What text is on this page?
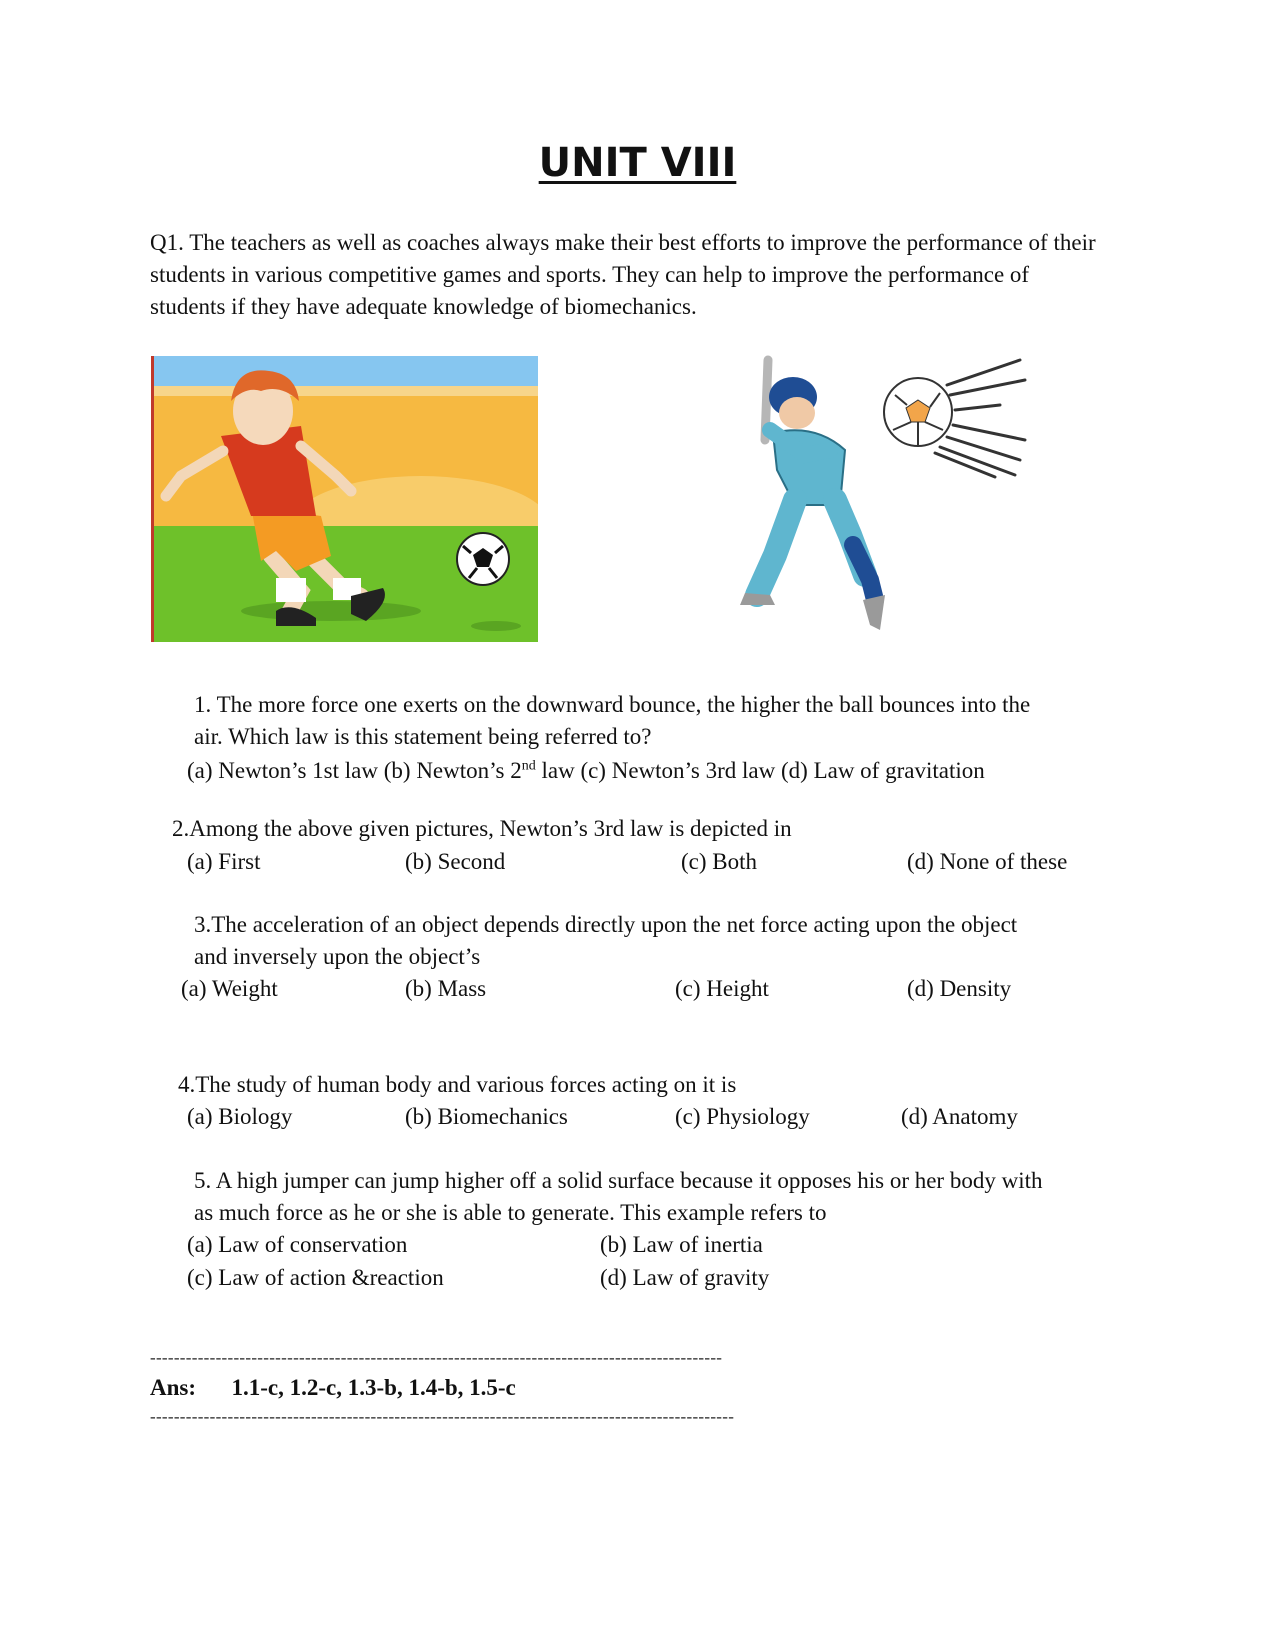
UNIT VIII
Q1. The teachers as well as coaches always make their best efforts to improve the performance of their students in various competitive games and sports. They can help to improve the performance of students if they have adequate knowledge of biomechanics.
1. The more force one exerts on the downward bounce, the higher the ball bounces into the
air. Which law is this statement being referred to?
(a) Newton’s 1st law (b) Newton’s 2nd law (c) Newton’s 3rd law (d) Law of gravitation
2.Among the above given pictures, Newton’s 3rd law is depicted in
(a) First	(b) Second	(c) Both	(d) None of these
3.The acceleration of an object depends directly upon the net force acting upon the object
and inversely upon the object’s
(a) Weight	(b) Mass	(c) Height	(d) Density
4.The study of human body and various forces acting on it is
(a) Biology	(b) Biomechanics	(c) Physiology	(d) Anatomy
5. A high jumper can jump higher off a solid surface because it opposes his or her body with
as much force as he or she is able to generate. This example refers to
(a) Law of conservation	(b) Law of inertia
(c) Law of action &reaction	(d) Law of gravity
------------------------------------------------------------------------------------------------
Ans: 1.1-c, 1.2-c, 1.3-b, 1.4-b, 1.5-c
--------------------------------------------------------------------------------------------------
